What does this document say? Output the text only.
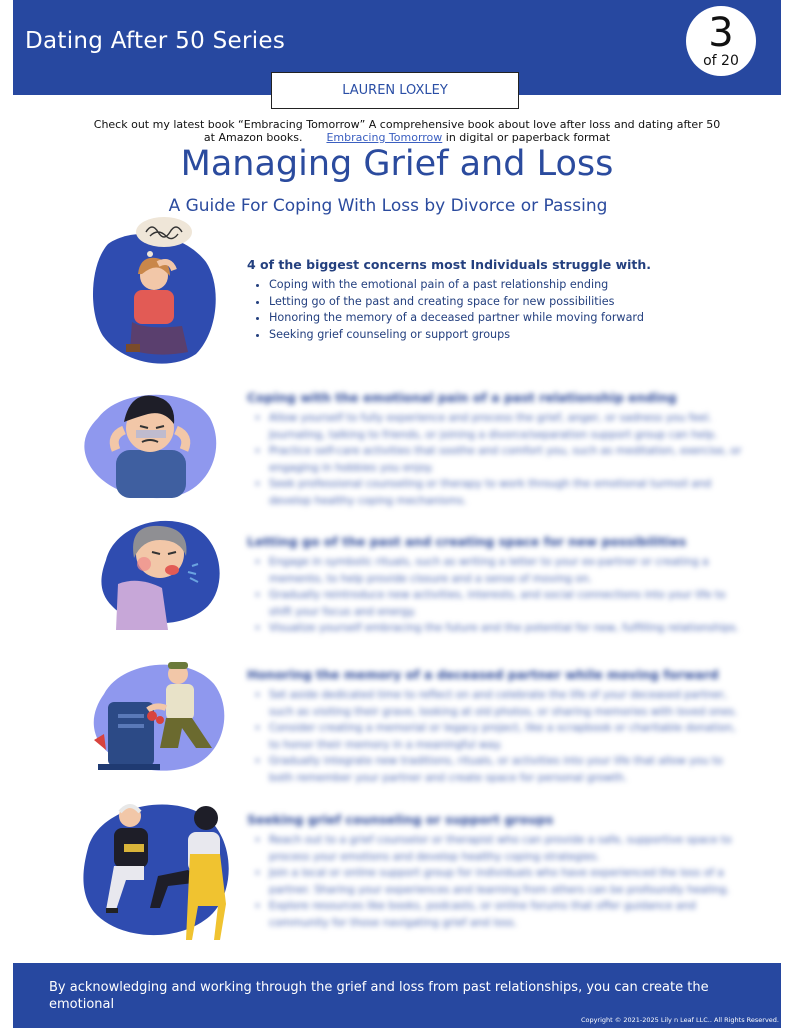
Dating After 50 Series	3
of 20
LAUREN LOXLEY
Check out my latest book “Embracing Tomorrow” A comprehensive book about love after loss and dating after 50
at Amazon books. Embracing Tomorrow in digital or paperback format
Managing Grief and Loss
A Guide For Coping With Loss by Divorce or Passing
4 of the biggest concerns most Individuals struggle with.
• Coping with the emotional pain of a past relationship ending
• Letting go of the past and creating space for new possibilities
• Honoring the memory of a deceased partner while moving forward
• Seeking grief counseling or support groups
Coping with the emotional pain of a past relationship ending
• Allow yourself to fully experience and process the grief, anger, or sadness you feel. Journaling, talking to friends, or joining a divorce/separation support group can help.
• Practice self-care activities that soothe and comfort you, such as meditation, exercise, or engaging in hobbies you enjoy.
• Seek professional counseling or therapy to work through the emotional turmoil and develop healthy coping mechanisms.
Letting go of the past and creating space for new possibilities
• Engage in symbolic rituals, such as writing a letter to your ex-partner or creating a memento, to help provide closure and a sense of moving on.
• Gradually reintroduce new activities, interests, and social connections into your life to shift your focus and energy.
• Visualize yourself embracing the future and the potential for new, fulfilling relationships.
Honoring the memory of a deceased partner while moving forward
• Set aside dedicated time to reflect on and celebrate the life of your deceased partner, such as visiting their grave, looking at old photos, or sharing memories with loved ones.
• Consider creating a memorial or legacy project, like a scrapbook or charitable donation, to honor their memory in a meaningful way.
• Gradually integrate new traditions, rituals, or activities into your life that allow you to both remember your partner and create space for personal growth.
Seeking grief counseling or support groups
• Reach out to a grief counselor or therapist who can provide a safe, supportive space to process your emotions and develop healthy coping strategies.
• Join a local or online support group for individuals who have experienced the loss of a partner. Sharing your experiences and learning from others can be profoundly healing.
• Explore resources like books, podcasts, or online forums that offer guidance and community for those navigating grief and loss.
By acknowledging and working through the grief and loss from past relationships, you can create the emotional
Copyright © 2021-2025 Lily n Leaf LLC.. All Rights Reserved.
